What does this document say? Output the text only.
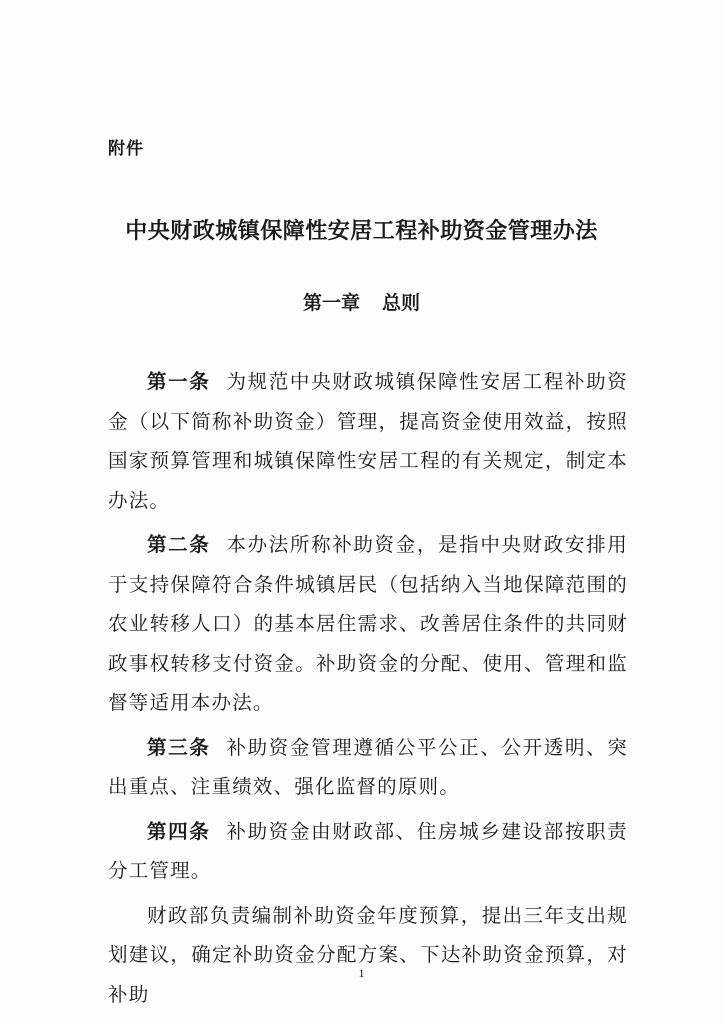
附件
中央财政城镇保障性安居工程补助资金管理办法
第一章 总则

第一条 为规范中央财政城镇保障性安居工程补助资金（以下简称补助资金）管理，提高资金使用效益，按照国家预算管理和城镇保障性安居工程的有关规定，制定本办法。

第二条 本办法所称补助资金，是指中央财政安排用于支持保障符合条件城镇居民（包括纳入当地保障范围的农业转移人口）的基本居住需求、改善居住条件的共同财政事权转移支付资金。补助资金的分配、使用、管理和监督等适用本办法。

第三条 补助资金管理遵循公平公正、公开透明、突出重点、注重绩效、强化监督的原则。

第四条 补助资金由财政部、住房城乡建设部按职责分工管理。

财政部负责编制补助资金年度预算，提出三年支出规划建议，确定补助资金分配方案、下达补助资金预算，对补助

1
